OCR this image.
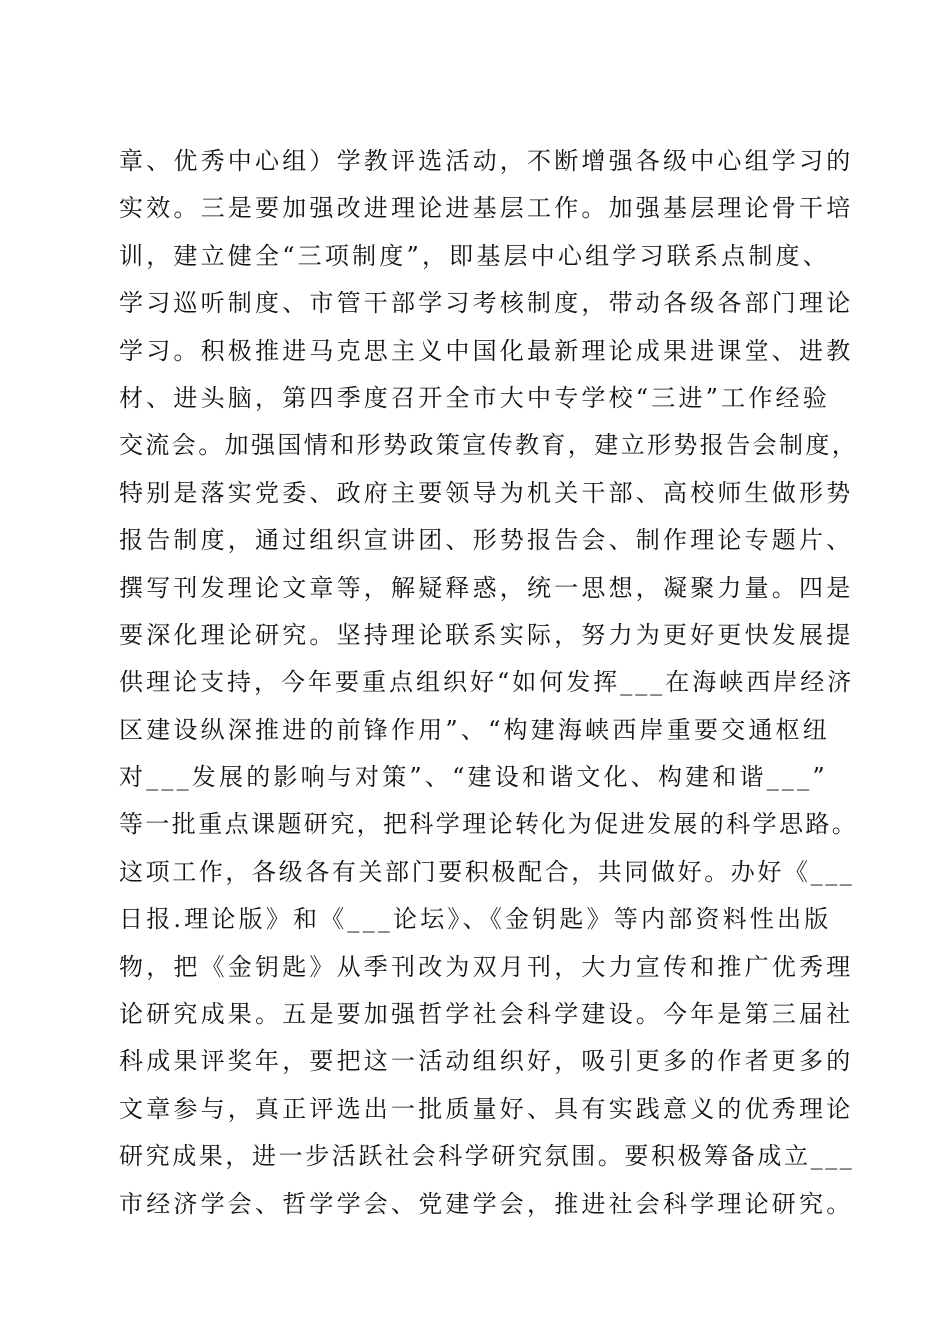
章、优秀中心组）学教评选活动，不断增强各级中心组学习的
实效。三是要加强改进理论进基层工作。加强基层理论骨干培
训，建立健全“三项制度”，即基层中心组学习联系点制度、
学习巡听制度、市管干部学习考核制度，带动各级各部门理论
学习。积极推进马克思主义中国化最新理论成果进课堂、进教
材、进头脑，第四季度召开全市大中专学校“三进”工作经验
交流会。加强国情和形势政策宣传教育，建立形势报告会制度，
特别是落实党委、政府主要领导为机关干部、高校师生做形势
报告制度，通过组织宣讲团、形势报告会、制作理论专题片、
撰写刊发理论文章等，解疑释惑，统一思想，凝聚力量。四是
要深化理论研究。坚持理论联系实际，努力为更好更快发展提
供理论支持，今年要重点组织好“如何发挥___在海峡西岸经济
区建设纵深推进的前锋作用”、“构建海峡西岸重要交通枢纽
对___发展的影响与对策”、“建设和谐文化、构建和谐___”
等一批重点课题研究，把科学理论转化为促进发展的科学思路。
这项工作，各级各有关部门要积极配合，共同做好。办好《___
日报.理论版》和《___论坛》、《金钥匙》等内部资料性出版
物，把《金钥匙》从季刊改为双月刊，大力宣传和推广优秀理
论研究成果。五是要加强哲学社会科学建设。今年是第三届社
科成果评奖年，要把这一活动组织好，吸引更多的作者更多的
文章参与，真正评选出一批质量好、具有实践意义的优秀理论
研究成果，进一步活跃社会科学研究氛围。要积极筹备成立___
市经济学会、哲学学会、党建学会，推进社会科学理论研究。
